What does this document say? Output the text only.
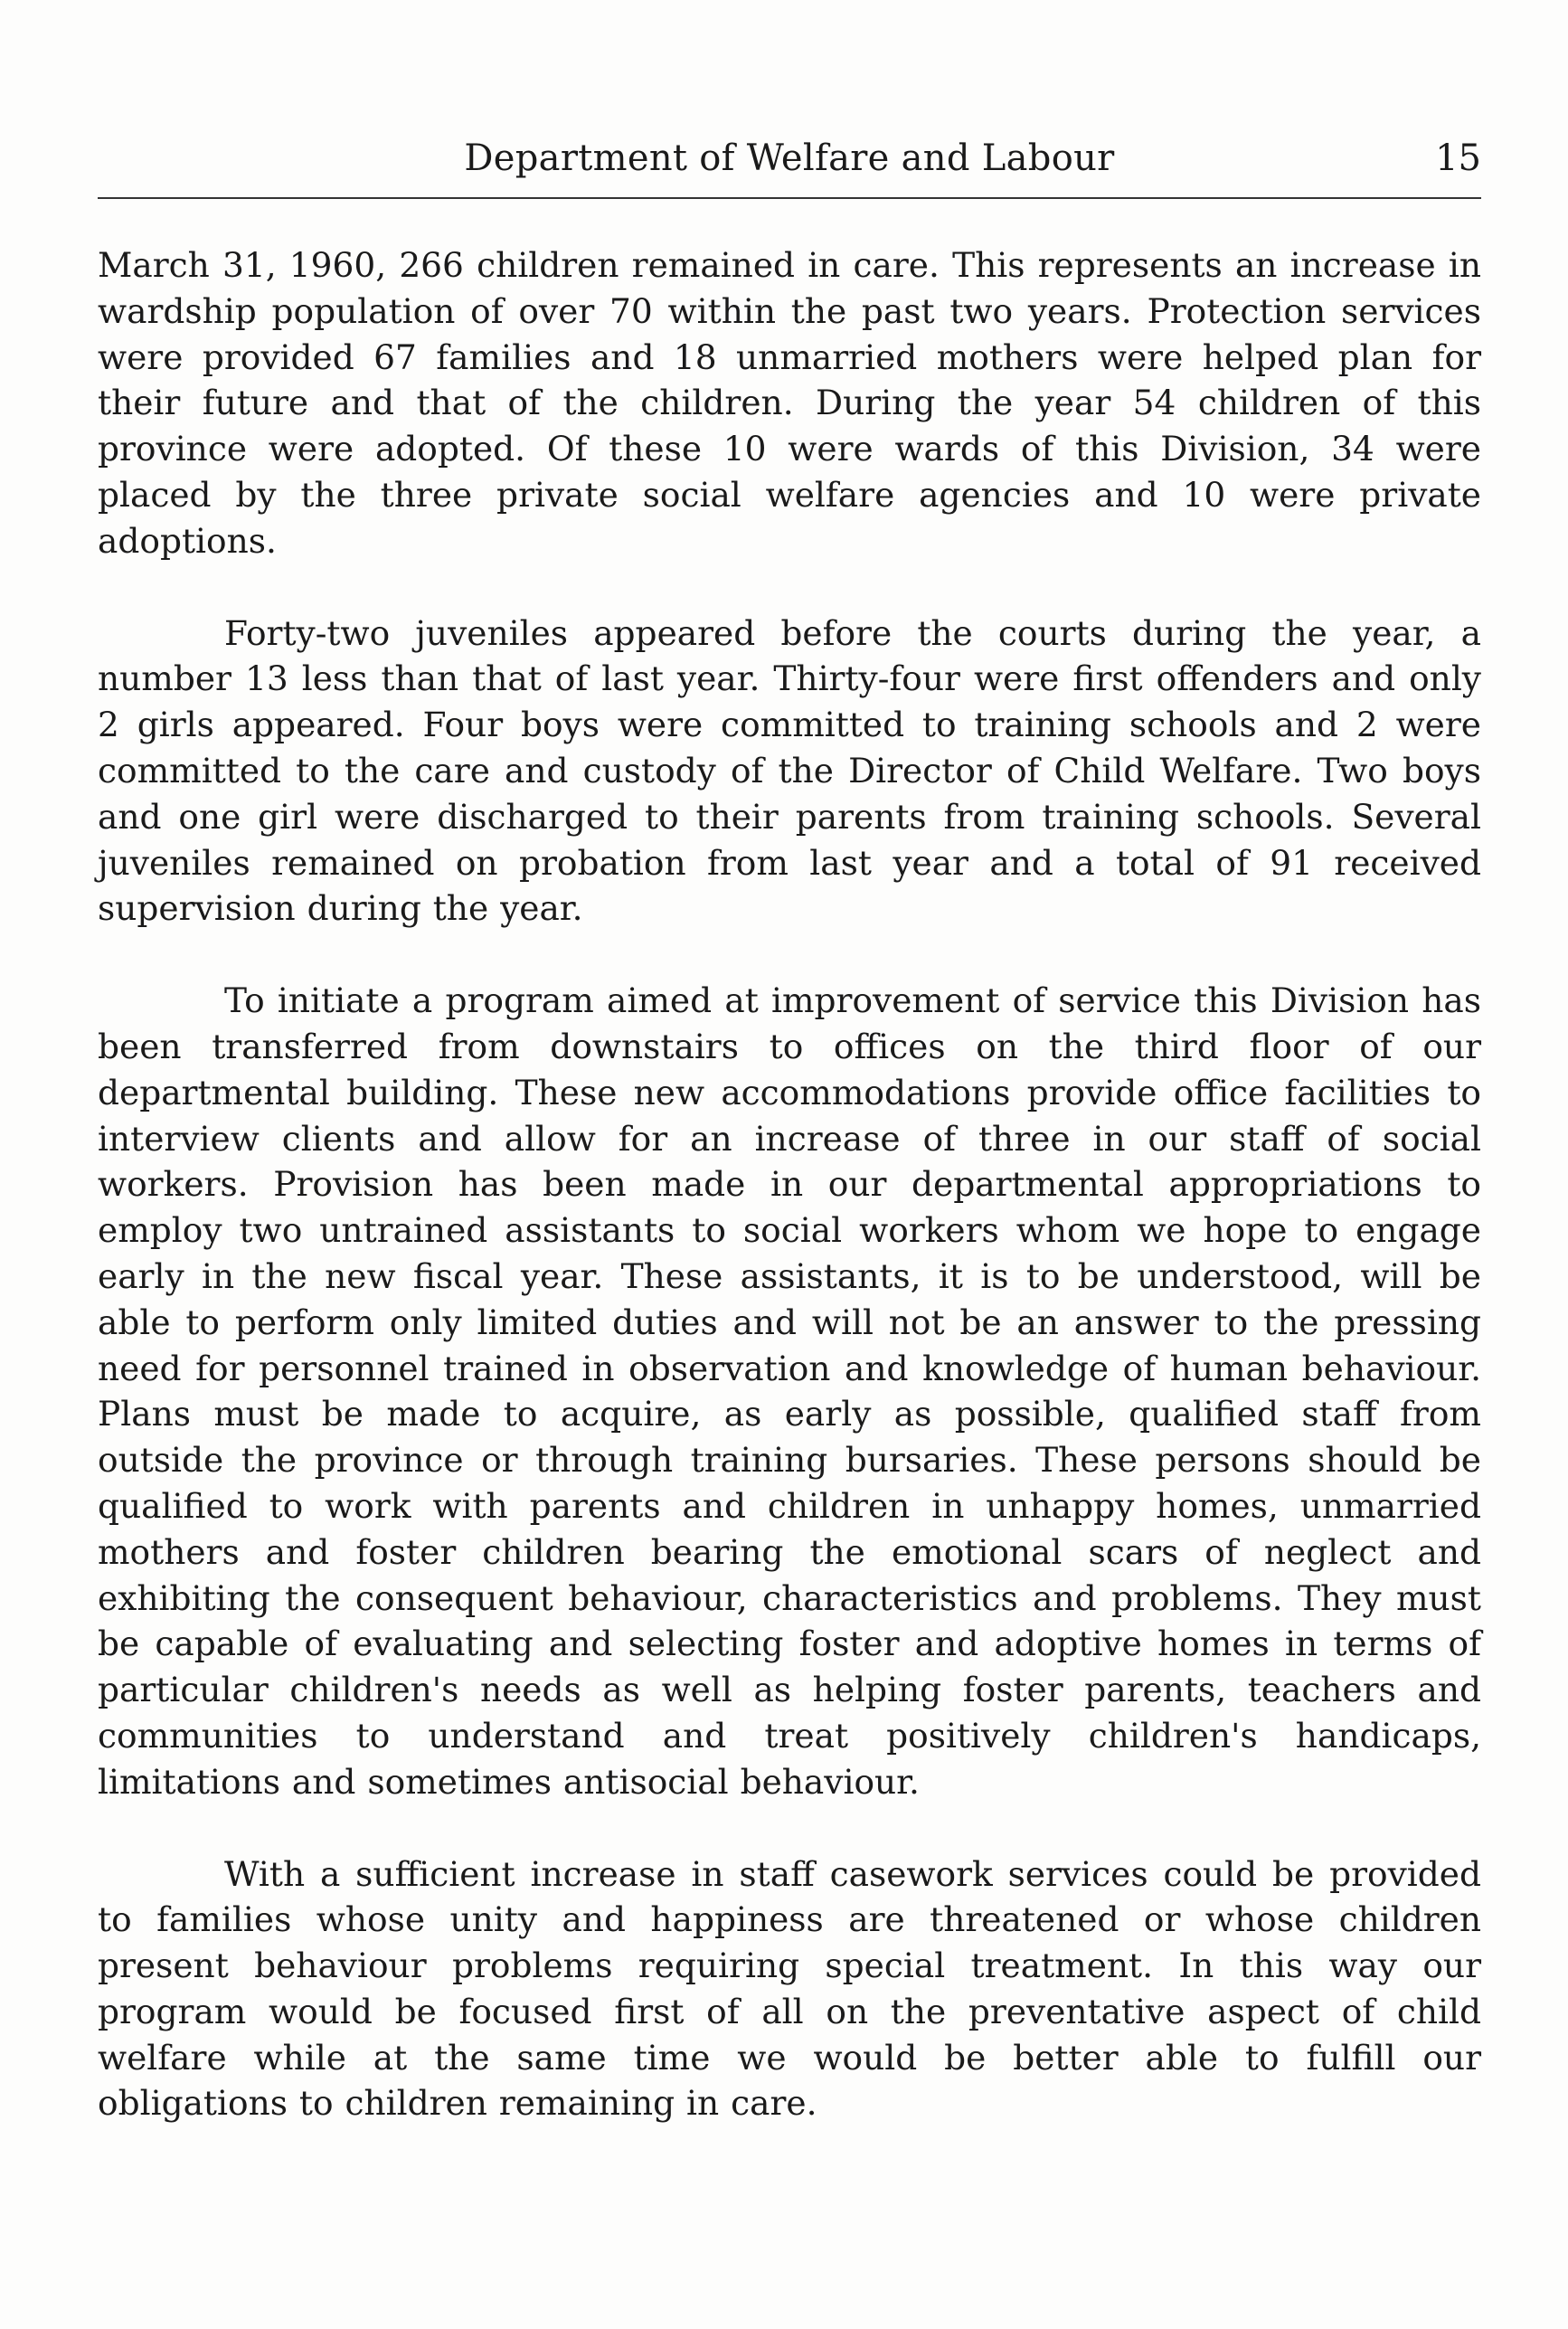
Department of Welfare and Labour	15

March 31, 1960, 266 children remained in care. This represents an increase in wardship population of over 70 within the past two years. Protection services were provided 67 families and 18 unmarried mothers were helped plan for their future and that of the children. During the year 54 children of this province were adopted. Of these 10 were wards of this Division, 34 were placed by the three private social welfare agencies and 10 were private adoptions.

Forty-two juveniles appeared before the courts during the year, a number 13 less than that of last year. Thirty-four were first offenders and only 2 girls appeared. Four boys were committed to training schools and 2 were committed to the care and custody of the Director of Child Welfare. Two boys and one girl were discharged to their parents from training schools. Several juveniles remained on probation from last year and a total of 91 received supervision during the year.

To initiate a program aimed at improvement of service this Division has been transferred from downstairs to offices on the third floor of our departmental building. These new accommodations provide office facilities to interview clients and allow for an increase of three in our staff of social workers. Provision has been made in our departmental appropriations to employ two untrained assistants to social workers whom we hope to engage early in the new fiscal year. These assistants, it is to be understood, will be able to perform only limited duties and will not be an answer to the pressing need for personnel trained in observation and knowledge of human behaviour. Plans must be made to acquire, as early as possible, qualified staff from outside the province or through training bursaries. These persons should be qualified to work with parents and children in unhappy homes, unmarried mothers and foster children bearing the emotional scars of neglect and exhibiting the consequent behaviour, characteristics and problems. They must be capable of evaluating and selecting foster and adoptive homes in terms of particular children's needs as well as helping foster parents, teachers and communities to understand and treat positively children's handicaps, limitations and sometimes antisocial behaviour.

With a sufficient increase in staff casework services could be provided to families whose unity and happiness are threatened or whose children present behaviour problems requiring special treatment. In this way our program would be focused first of all on the preventative aspect of child welfare while at the same time we would be better able to fulfill our obligations to children remaining in care.
